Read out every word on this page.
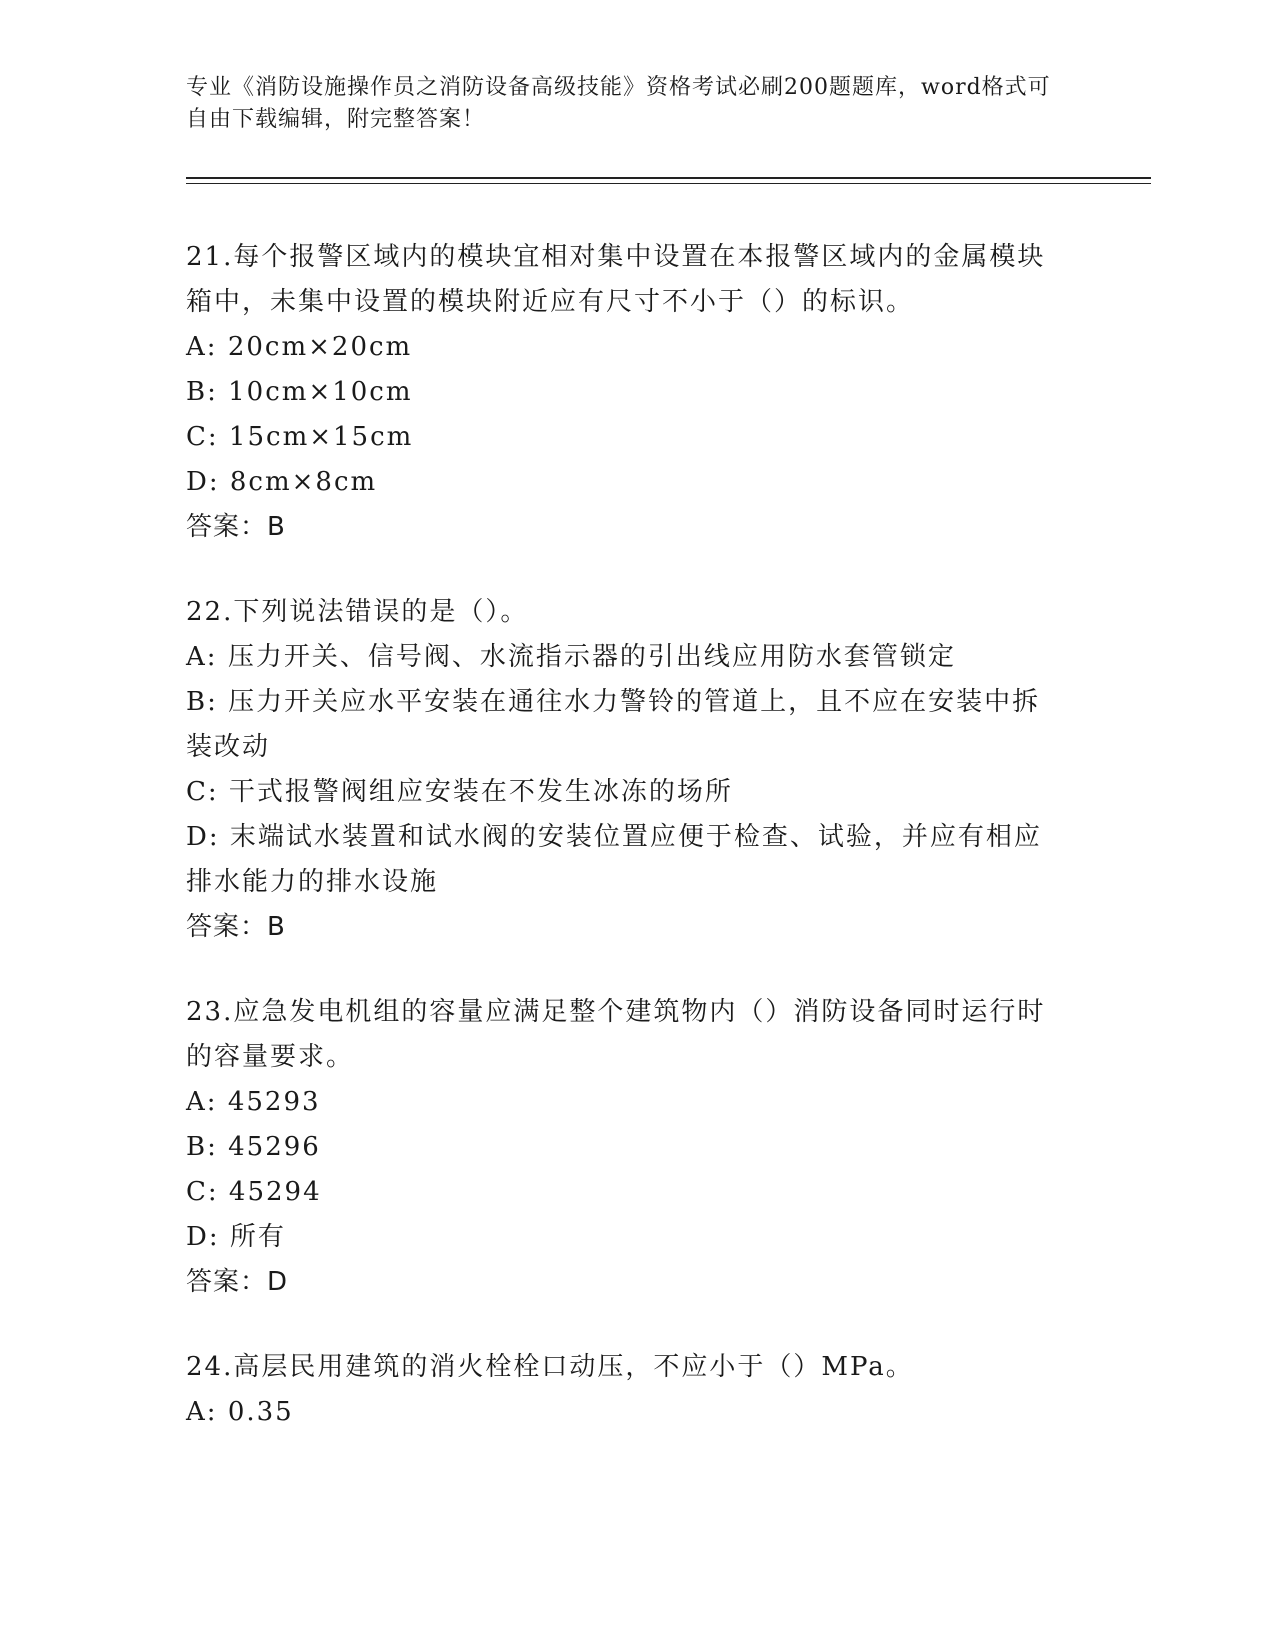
专业《消防设施操作员之消防设备高级技能》资格考试必刷200题题库，word格式可自由下载编辑，附完整答案！
21.每个报警区域内的模块宜相对集中设置在本报警区域内的金属模块箱中，未集中设置的模块附近应有尺寸不小于（）的标识。
A: 20cm×20cm
B: 10cm×10cm
C: 15cm×15cm
D: 8cm×8cm
答案：B
22.下列说法错误的是（）。
A: 压力开关、信号阀、水流指示器的引出线应用防水套管锁定
B: 压力开关应水平安装在通往水力警铃的管道上，且不应在安装中拆装改动
C: 干式报警阀组应安装在不发生冰冻的场所
D: 末端试水装置和试水阀的安装位置应便于检查、试验，并应有相应排水能力的排水设施
答案：B
23.应急发电机组的容量应满足整个建筑物内（）消防设备同时运行时的容量要求。
A: 45293
B: 45296
C: 45294
D: 所有
答案：D
24.高层民用建筑的消火栓栓口动压，不应小于（）MPa。
A: 0.35
